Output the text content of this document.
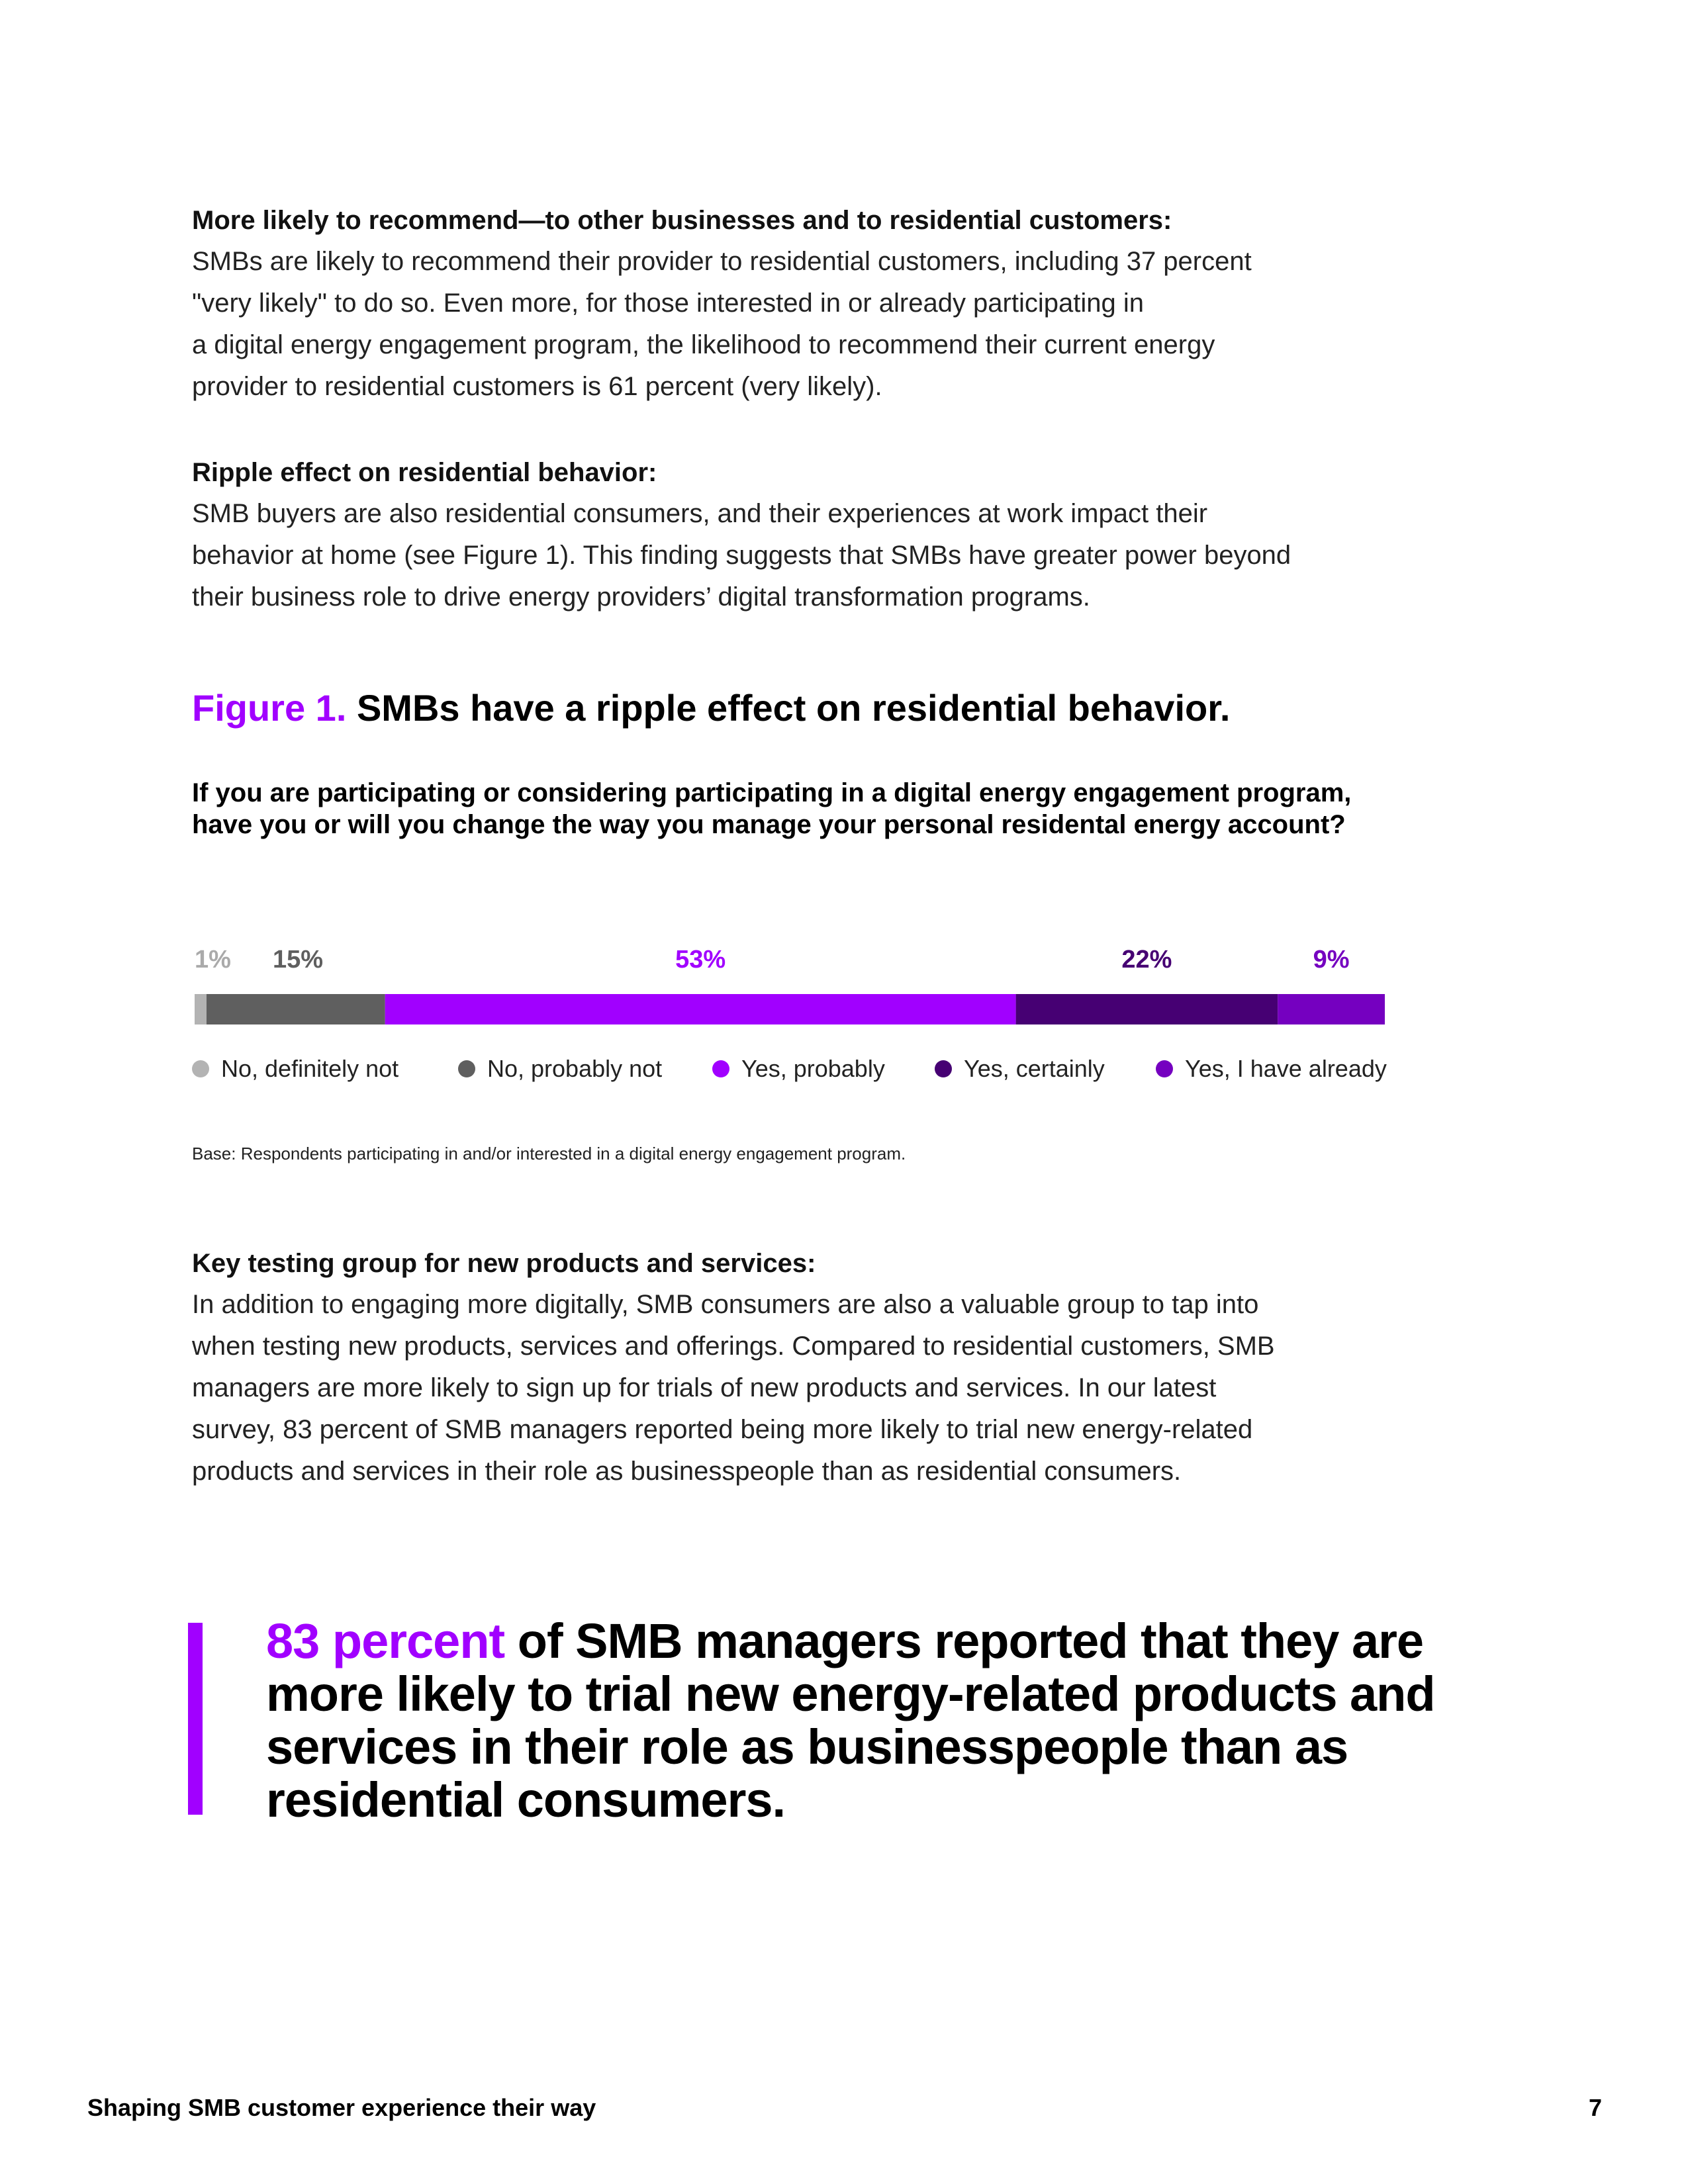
More likely to recommend—to other businesses and to residential customers:

SMBs are likely to recommend their provider to residential customers, including 37 percent

"very likely" to do so. Even more, for those interested in or already participating in

a digital energy engagement program, the likelihood to recommend their current energy

provider to residential customers is 61 percent (very likely).

Ripple effect on residential behavior:

SMB buyers are also residential consumers, and their experiences at work impact their

behavior at home (see Figure 1). This finding suggests that SMBs have greater power beyond

their business role to drive energy providers’ digital transformation programs.

Figure 1. SMBs have a ripple effect on residential behavior.

If you are participating or considering participating in a digital energy engagement program, have you or will you change the way you manage your personal residental energy account?

1% 15%	53%	22%	9%
No, definitely not	No, probably not	Yes, probably	Yes, certainly	Yes, I have already

Base: Respondents participating in and/or interested in a digital energy engagement program.

Key testing group for new products and services:

In addition to engaging more digitally, SMB consumers are also a valuable group to tap into

when testing new products, services and offerings. Compared to residential customers, SMB

managers are more likely to sign up for trials of new products and services. In our latest

survey, 83 percent of SMB managers reported being more likely to trial new energy-related

products and services in their role as businesspeople than as residential consumers.

83 percent of SMB managers reported that they are more likely to trial new energy-related products and services in their role as businesspeople than as residential consumers.

Shaping SMB customer experience their way	7
